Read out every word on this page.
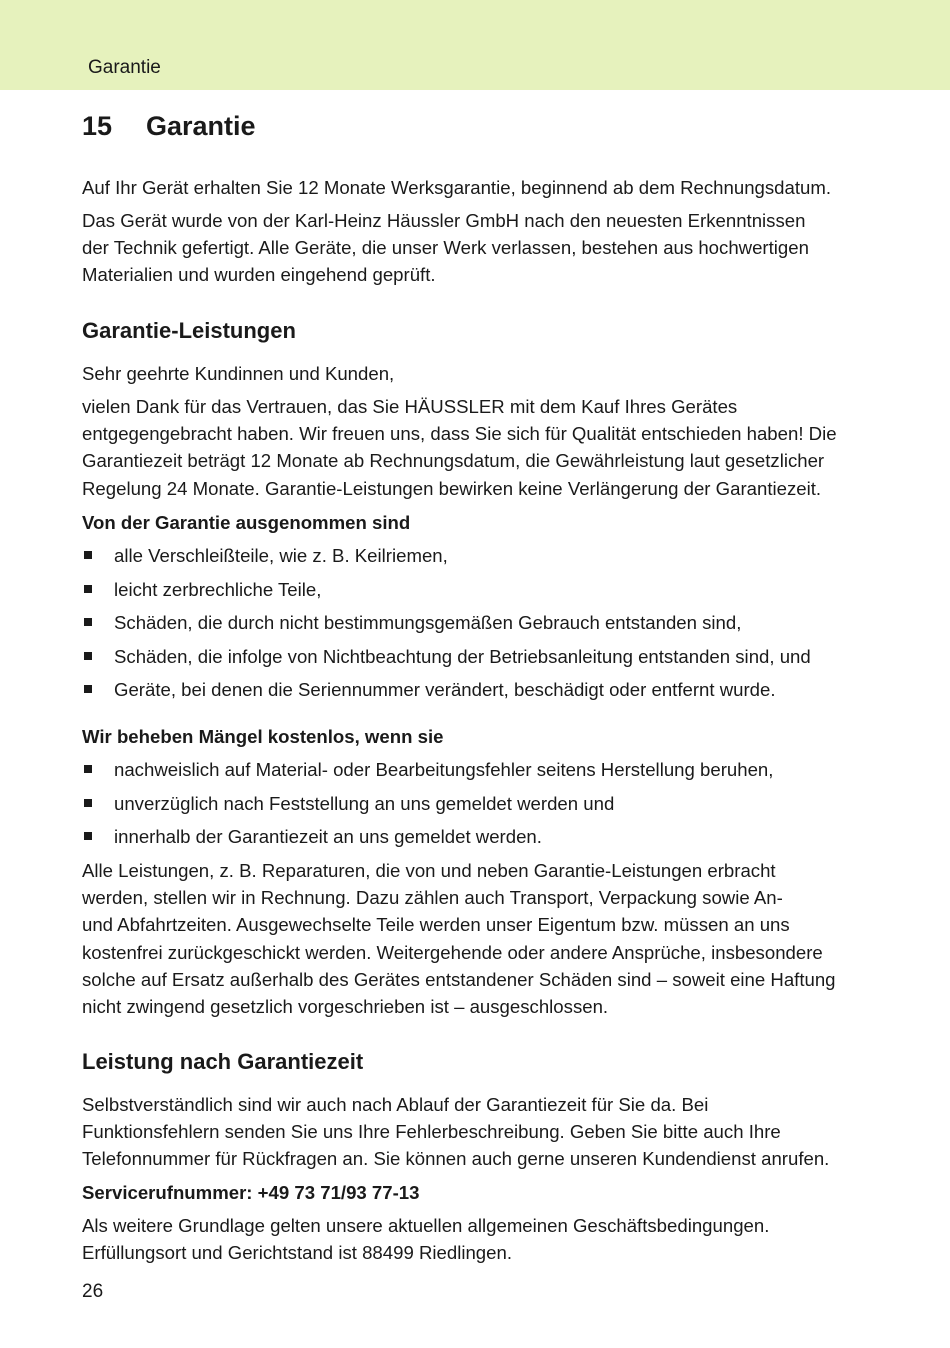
Garantie
15 Garantie

Auf Ihr Gerät erhalten Sie 12 Monate Werksgarantie, beginnend ab dem Rechnungsdatum.

Das Gerät wurde von der Karl-Heinz Häussler GmbH nach den neuesten Erkenntnissen
der Technik gefertigt. Alle Geräte, die unser Werk verlassen, bestehen aus hochwertigen
Materialien und wurden eingehend geprüft.

Garantie-Leistungen

Sehr geehrte Kundinnen und Kunden,

vielen Dank für das Vertrauen, das Sie HÄUSSLER mit dem Kauf Ihres Gerätes
entgegengebracht haben. Wir freuen uns, dass Sie sich für Qualität entschieden haben! Die
Garantiezeit beträgt 12 Monate ab Rechnungsdatum, die Gewährleistung laut gesetzlicher
Regelung 24 Monate. Garantie-Leistungen bewirken keine Verlängerung der Garantiezeit.

Von der Garantie ausgenommen sind

alle Verschleißteile, wie z. B. Keilriemen,
leicht zerbrechliche Teile,
Schäden, die durch nicht bestimmungsgemäßen Gebrauch entstanden sind,
Schäden, die infolge von Nichtbeachtung der Betriebsanleitung entstanden sind, und
Geräte, bei denen die Seriennummer verändert, beschädigt oder entfernt wurde.

Wir beheben Mängel kostenlos, wenn sie

nachweislich auf Material- oder Bearbeitungsfehler seitens Herstellung beruhen,
unverzüglich nach Feststellung an uns gemeldet werden und
innerhalb der Garantiezeit an uns gemeldet werden.

Alle Leistungen, z. B. Reparaturen, die von und neben Garantie-Leistungen erbracht
werden, stellen wir in Rechnung. Dazu zählen auch Transport, Verpackung sowie An-
und Abfahrtzeiten. Ausgewechselte Teile werden unser Eigentum bzw. müssen an uns
kostenfrei zurückgeschickt werden. Weitergehende oder andere Ansprüche, insbesondere
solche auf Ersatz außerhalb des Gerätes entstandener Schäden sind – soweit eine Haftung
nicht zwingend gesetzlich vorgeschrieben ist – ausgeschlossen.

Leistung nach Garantiezeit

Selbstverständlich sind wir auch nach Ablauf der Garantiezeit für Sie da. Bei
Funktionsfehlern senden Sie uns Ihre Fehlerbeschreibung. Geben Sie bitte auch Ihre
Telefonnummer für Rückfragen an. Sie können auch gerne unseren Kundendienst anrufen.

Servicerufnummer: +49 73 71/93 77-13

Als weitere Grundlage gelten unsere aktuellen allgemeinen Geschäftsbedingungen.
Erfüllungsort und Gerichtstand ist 88499 Riedlingen.

26
